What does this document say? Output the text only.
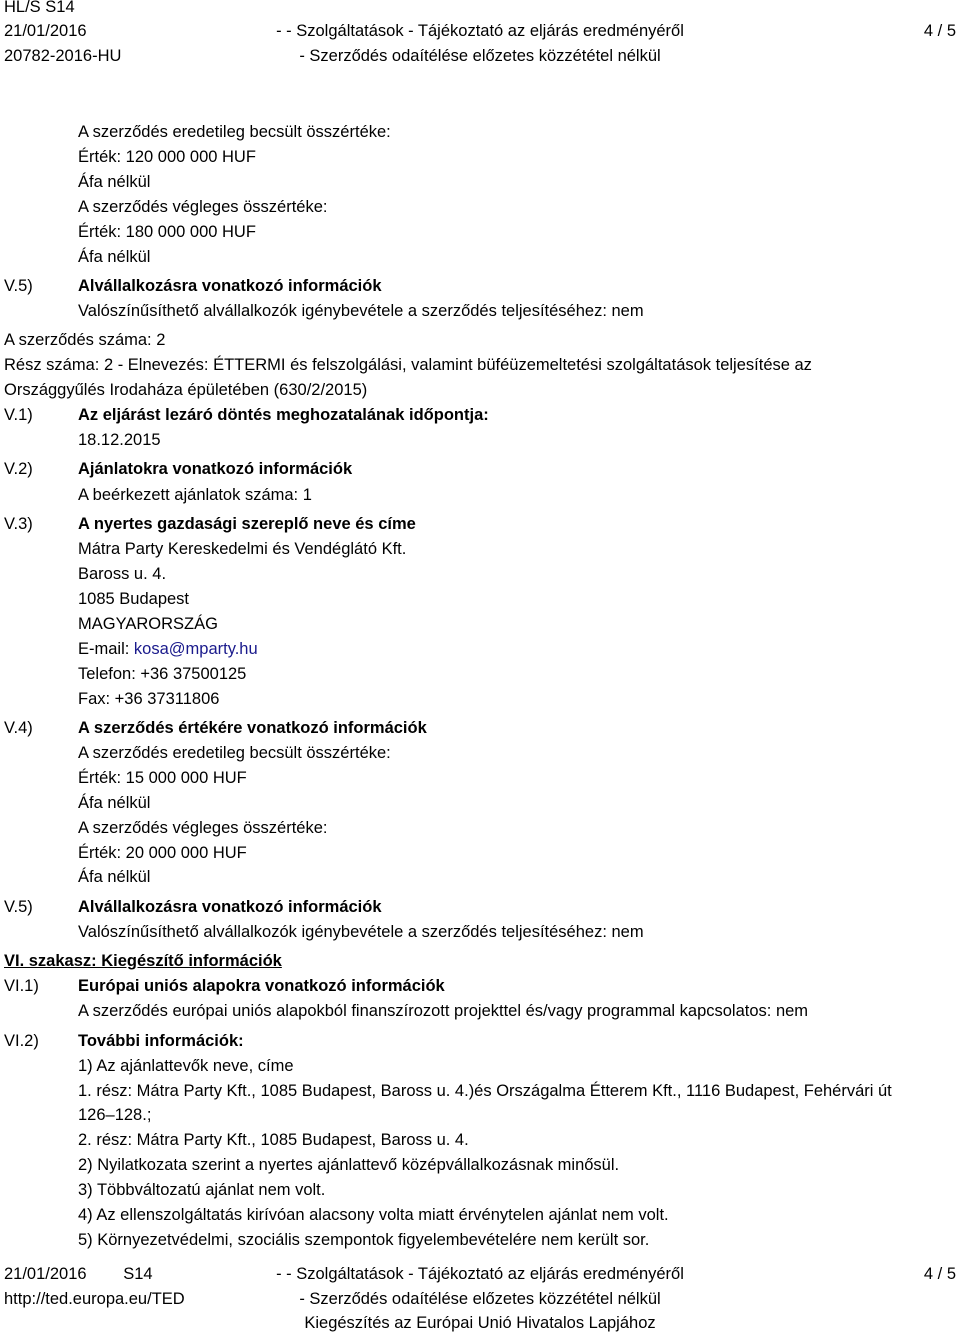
HL/S S14
21/01/2016
20782-2016-HU
- - Szolgáltatások - Tájékoztató az eljárás eredményéről
- Szerződés odaítélése előzetes közzététel nélkül
4 / 5
A szerződés eredetileg becsült összértéke:
Érték: 120 000 000 HUF
Áfa nélkül
A szerződés végleges összértéke:
Érték: 180 000 000 HUF
Áfa nélkül
V.5)	Alvállalkozásra vonatkozó információk
Valószínűsíthető alvállalkozók igénybevétele a szerződés teljesítéséhez: nem
A szerződés száma: 2
Rész száma: 2 - Elnevezés: ÉTTERMI és felszolgálási, valamint büféüzemeltetési szolgáltatások teljesítése az
Országgyűlés Irodaháza épületében (630/2/2015)
V.1)	Az eljárást lezáró döntés meghozatalának időpontja:
18.12.2015
V.2)	Ajánlatokra vonatkozó információk
A beérkezett ajánlatok száma: 1
V.3)	A nyertes gazdasági szereplő neve és címe
Mátra Party Kereskedelmi és Vendéglátó Kft.
Baross u. 4.
1085 Budapest
MAGYARORSZÁG
E-mail: kosa@mparty.hu
Telefon: +36 37500125
Fax: +36 37311806
V.4)	A szerződés értékére vonatkozó információk
A szerződés eredetileg becsült összértéke:
Érték: 15 000 000 HUF
Áfa nélkül
A szerződés végleges összértéke:
Érték: 20 000 000 HUF
Áfa nélkül
V.5)	Alvállalkozásra vonatkozó információk
Valószínűsíthető alvállalkozók igénybevétele a szerződés teljesítéséhez: nem
VI. szakasz: Kiegészítő információk
VI.1) Európai uniós alapokra vonatkozó információk
A szerződés európai uniós alapokból finanszírozott projekttel és/vagy programmal kapcsolatos: nem
VI.2) További információk:
1) Az ajánlattevők neve, címe
1. rész: Mátra Party Kft., 1085 Budapest, Baross u. 4.)és Országalma Étterem Kft., 1116 Budapest, Fehérvári út
126–128.;
2. rész: Mátra Party Kft., 1085 Budapest, Baross u. 4.
2) Nyilatkozata szerint a nyertes ajánlattevő középvállalkozásnak minősül.
3) Többváltozatú ajánlat nem volt.
4) Az ellenszolgáltatás kirívóan alacsony volta miatt érvénytelen ajánlat nem volt.
5) Környezetvédelmi, szociális szempontok figyelembevételére nem került sor.
21/01/2016        S14
http://ted.europa.eu/TED
- - Szolgáltatások - Tájékoztató az eljárás eredményéről
- Szerződés odaítélése előzetes közzététel nélkül
Kiegészítés az Európai Unió Hivatalos Lapjához
4 / 5
